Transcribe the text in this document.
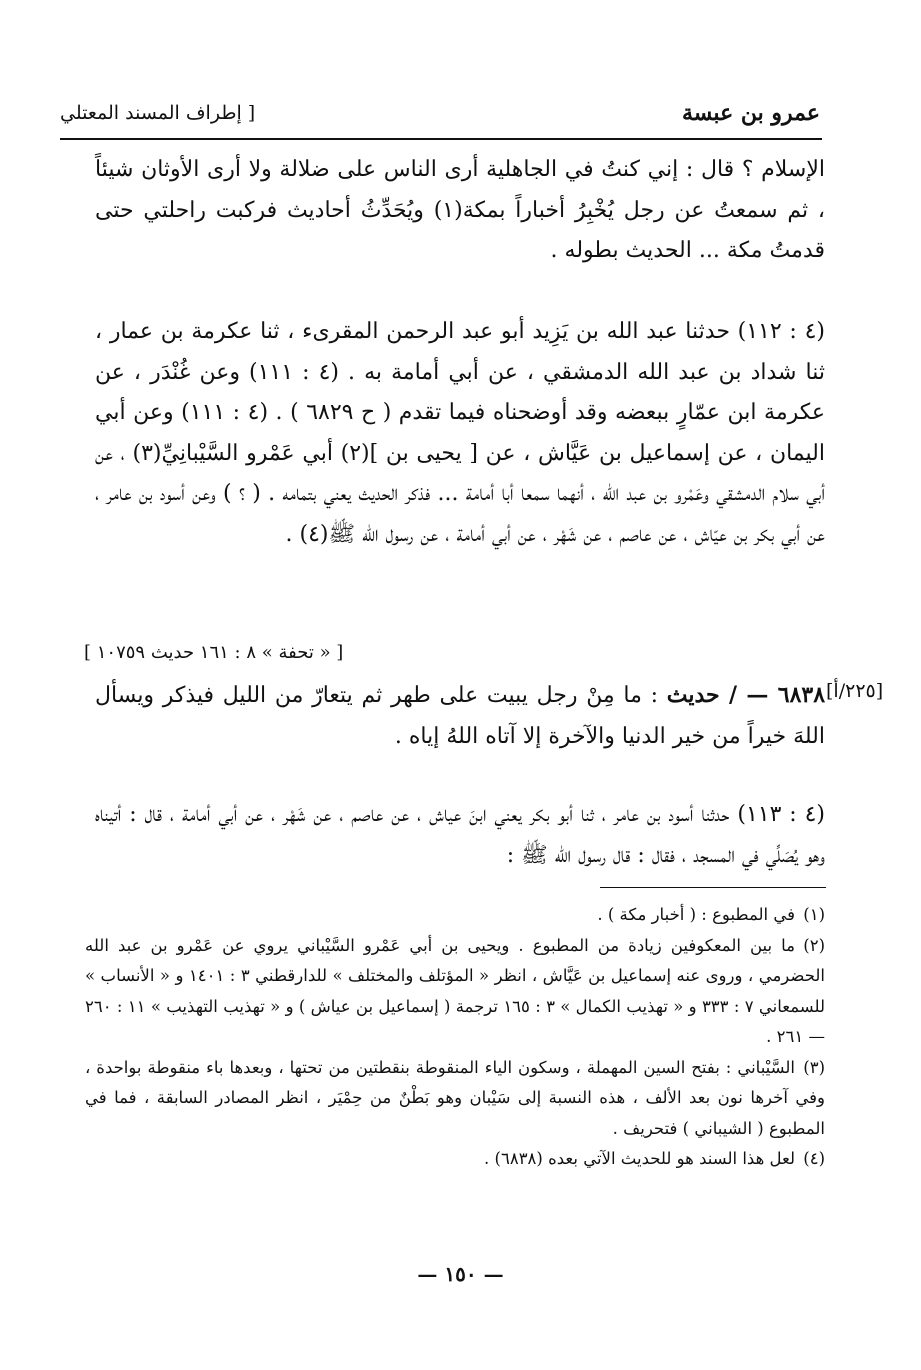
عمرو بن عبسة
[ إطراف المسند المعتلي

الإسلام ؟ قال : إني كنتُ في الجاهلية أرى الناس على ضلالة ولا أرى الأوثان شيئاً ، ثم سمعتُ عن رجل يُخْبِرُ أخباراً بمكة(١) ويُحَدِّثُ أحاديث فركبت راحلتي حتى قدمتُ مكة ... الحديث بطوله .

(٤ : ١١٢) حدثنا عبد الله بن يَزِيد أبو عبد الرحمن المقرىء ، ثنا عكرمة بن عمار ، ثنا شداد بن عبد الله الدمشقي ، عن أبي أمامة به . (٤ : ١١١) وعن غُنْدَر ، عن عكرمة ابن عمّارٍ ببعضه وقد أوضحناه فيما تقدم ( ح ٦٨٢٩ ) . (٤ : ١١١) وعن أبي اليمان ، عن إسماعيل بن عَيَّاش ، عن [ يحيى بن ](٢) أبي عَمْرو السَّيْبانِيِّ(٣) ، عن أبي سلام الدمشقي وعَمْرو بن عبد الله ، أنهما سمعا أبا أمامة ... فذكر الحديث يعني بتمامه . ( ؟ ) وعن أسود بن عامر ، عن أبي بكر بن عيّاش ، عن عاصم ، عن شَهْر ، عن أبي أمامة ، عن رسول الله ﷺ(٤) .

[ « تحفة » ٨ : ١٦١ حديث ١٠٧٥٩ ]
[٢٢٥/أ]

٦٨٣٨ — / حديث : ما مِنْ رجل يبيت على طهر ثم يتعارّ من الليل فيذكر ويسأل اللهَ خيراً من خير الدنيا والآخرة إلا آتاه اللهُ إياه .

(٤ : ١١٣) حدثنا أسود بن عامر ، ثنا أبو بكر يعني ابنَ عياش ، عن عاصم ، عن شَهْر ، عن أبي أمامة ، قال : أتيناه وهو يُصَلِّي في المسجد ، فقال : قال رسول الله ﷺ :

(١)في المطبوع : ( أخبار مكة ) .

(٢)ما بين المعكوفين زيادة من المطبوع . ويحيى بن أبي عَمْرو السَّيْباني يروي عن عَمْرو بن عبد الله الحضرمي ، وروى عنه إسماعيل بن عَيَّاش ، انظر « المؤتلف والمختلف » للدارقطني ٣ : ١٤٠١ و « الأنساب » للسمعاني ٧ : ٣٣٣ و « تهذيب الكمال » ٣ : ١٦٥ ترجمة ( إسماعيل بن عياش ) و « تهذيب التهذيب » ١١ : ٢٦٠ — ٢٦١ .

(٣)السَّيْباني : بفتح السين المهملة ، وسكون الياء المنقوطة بنقطتين من تحتها ، وبعدها باء منقوطة بواحدة ، وفي آخرها نون بعد الألف ، هذه النسبة إلى سَيْبان وهو بَطْنٌ من حِمْيَر ، انظر المصادر السابقة ، فما في المطبوع ( الشيباني ) فتحريف .

(٤)لعل هذا السند هو للحديث الآتي بعده (٦٨٣٨) .

— ١٥٠ —
